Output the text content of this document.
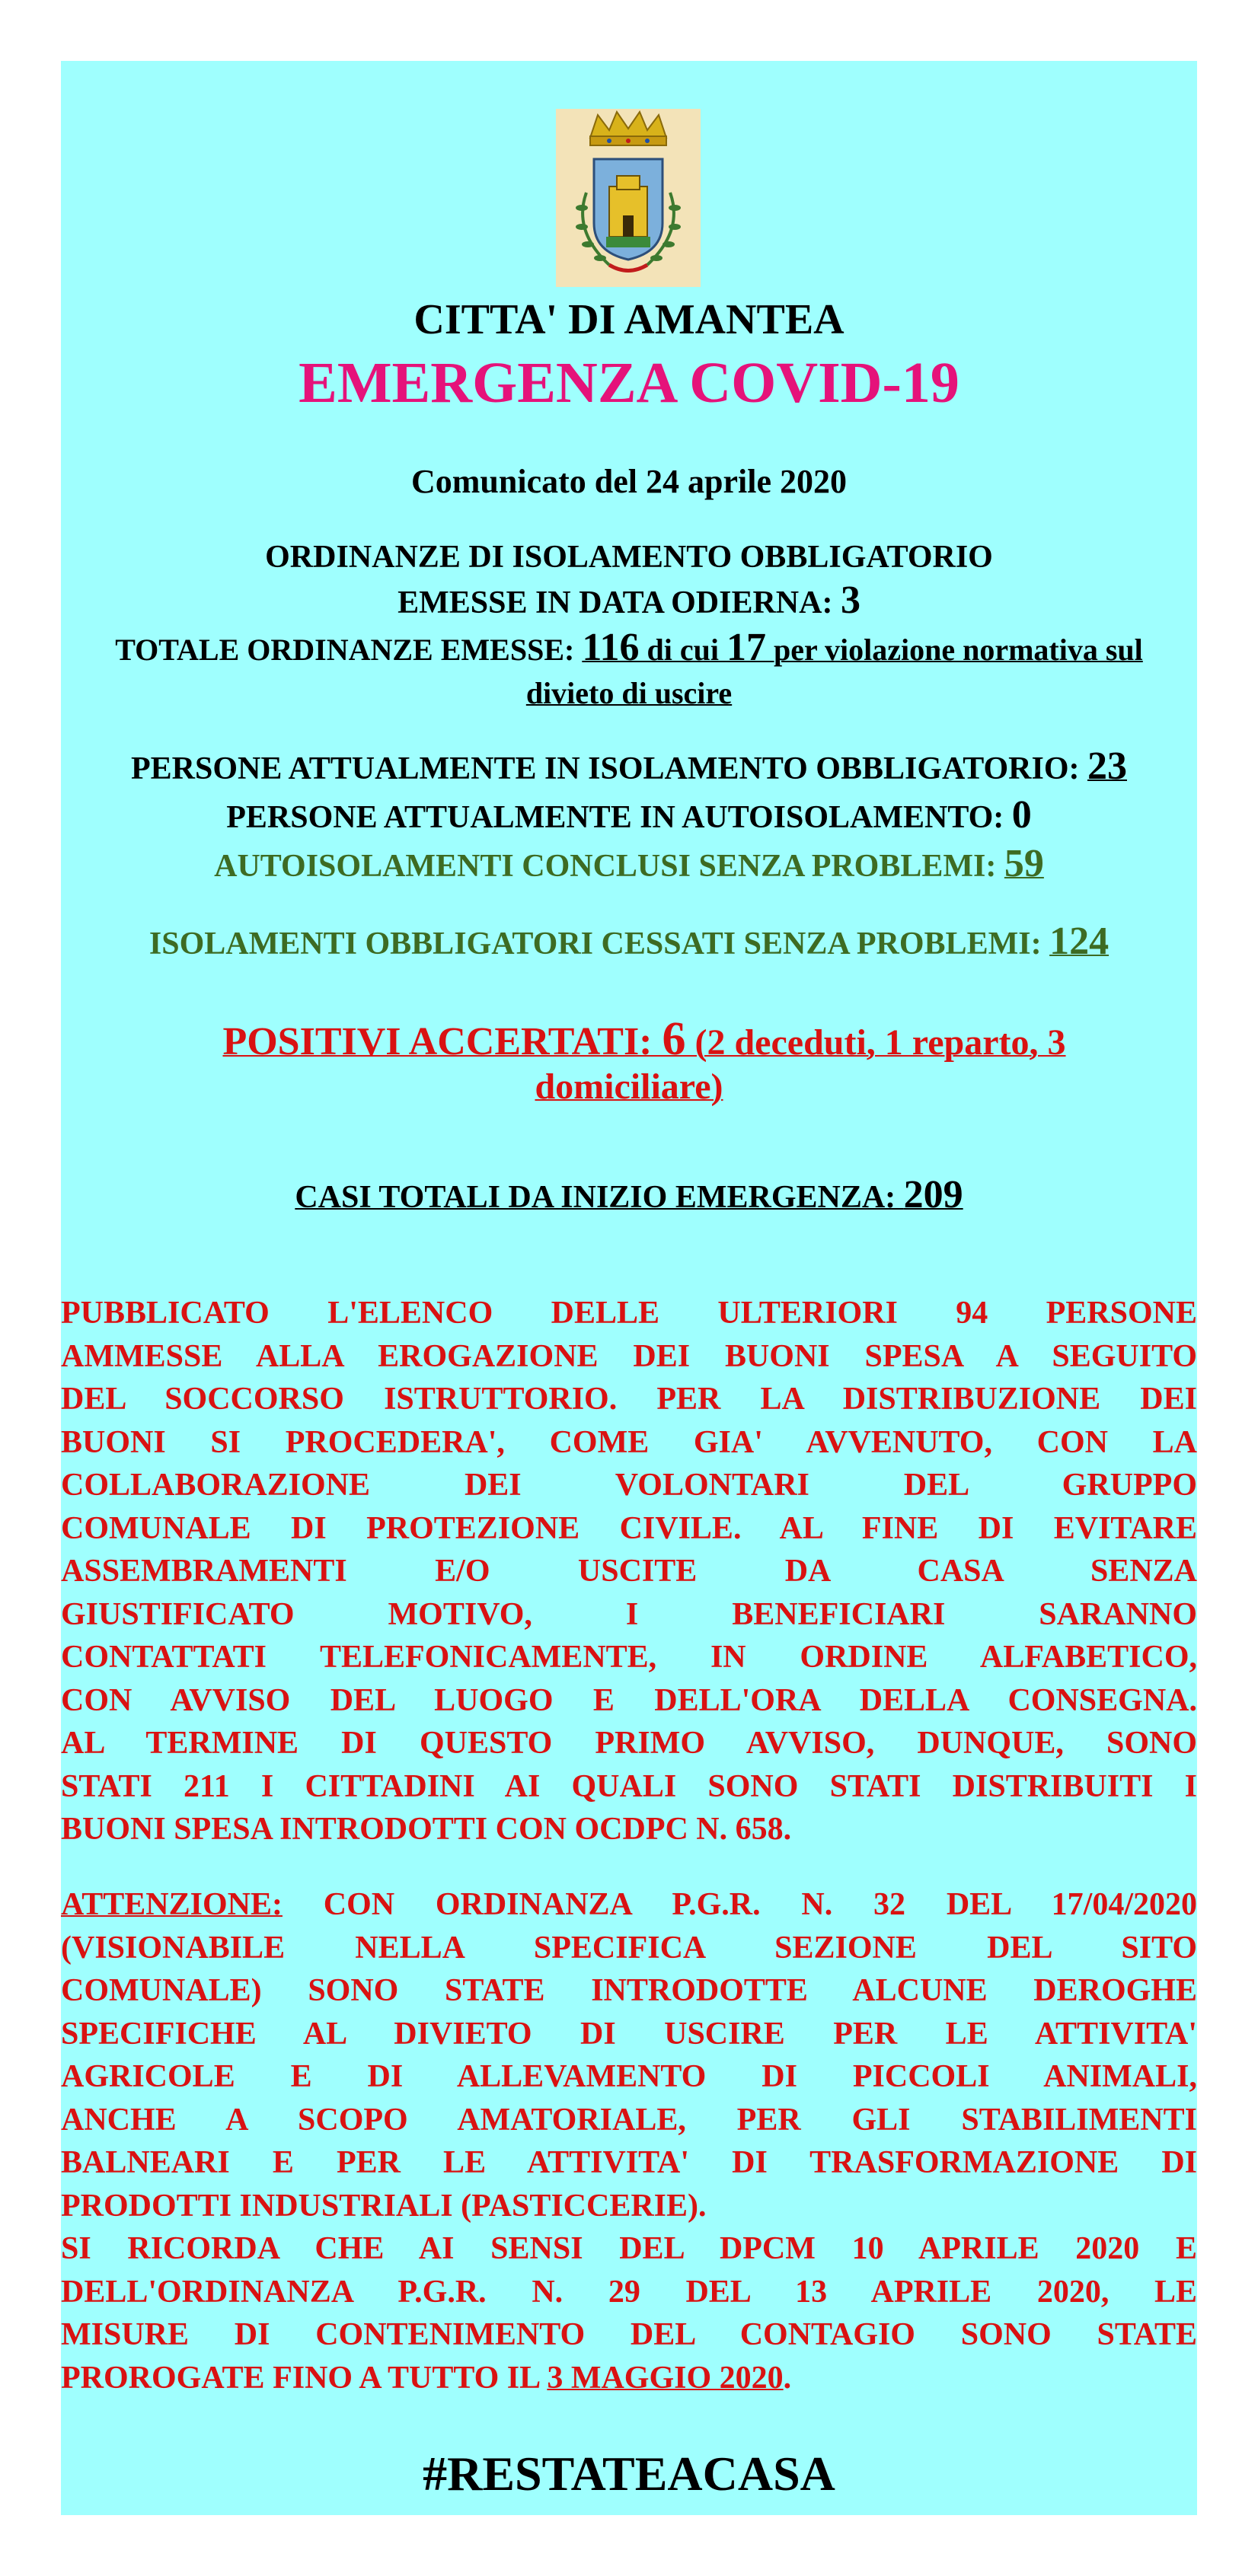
CITTA' DI AMANTEA
EMERGENZA COVID-19
Comunicato del 24 aprile 2020
ORDINANZE DI ISOLAMENTO OBBLIGATORIO
EMESSE IN DATA ODIERNA: 3
TOTALE ORDINANZE EMESSE: 116 di cui 17 per violazione normativa sul
divieto di uscire
PERSONE ATTUALMENTE IN ISOLAMENTO OBBLIGATORIO: 23
PERSONE ATTUALMENTE IN AUTOISOLAMENTO: 0
AUTOISOLAMENTI CONCLUSI SENZA PROBLEMI: 59
ISOLAMENTI OBBLIGATORI CESSATI SENZA PROBLEMI: 124
POSITIVI ACCERTATI: 6 (2 deceduti, 1 reparto, 3
domiciliare)
CASI TOTALI DA INIZIO EMERGENZA: 209
PUBBLICATO L'ELENCO DELLE ULTERIORI 94 PERSONE
AMMESSE ALLA EROGAZIONE DEI BUONI SPESA A SEGUITO
DEL SOCCORSO ISTRUTTORIO. PER LA DISTRIBUZIONE DEI
BUONI SI PROCEDERA', COME GIA' AVVENUTO, CON LA
COLLABORAZIONE DEI VOLONTARI DEL GRUPPO
COMUNALE DI PROTEZIONE CIVILE. AL FINE DI EVITARE
ASSEMBRAMENTI E/O USCITE DA CASA SENZA
GIUSTIFICATO MOTIVO, I BENEFICIARI SARANNO
CONTATTATI TELEFONICAMENTE, IN ORDINE ALFABETICO,
CON AVVISO DEL LUOGO E DELL'ORA DELLA CONSEGNA.
AL TERMINE DI QUESTO PRIMO AVVISO, DUNQUE, SONO
STATI 211 I CITTADINI AI QUALI SONO STATI DISTRIBUITI I
BUONI SPESA INTRODOTTI CON OCDPC N. 658.
ATTENZIONE: CON ORDINANZA P.G.R. N. 32 DEL 17/04/2020
(VISIONABILE NELLA SPECIFICA SEZIONE DEL SITO
COMUNALE) SONO STATE INTRODOTTE ALCUNE DEROGHE
SPECIFICHE AL DIVIETO DI USCIRE PER LE ATTIVITA'
AGRICOLE E DI ALLEVAMENTO DI PICCOLI ANIMALI,
ANCHE A SCOPO AMATORIALE, PER GLI STABILIMENTI
BALNEARI E PER LE ATTIVITA' DI TRASFORMAZIONE DI
PRODOTTI INDUSTRIALI (PASTICCERIE).
SI RICORDA CHE AI SENSI DEL DPCM 10 APRILE 2020 E
DELL'ORDINANZA P.G.R. N. 29 DEL 13 APRILE 2020, LE
MISURE DI CONTENIMENTO DEL CONTAGIO SONO STATE
PROROGATE FINO A TUTTO IL 3 MAGGIO 2020.
#RESTATEACASA
